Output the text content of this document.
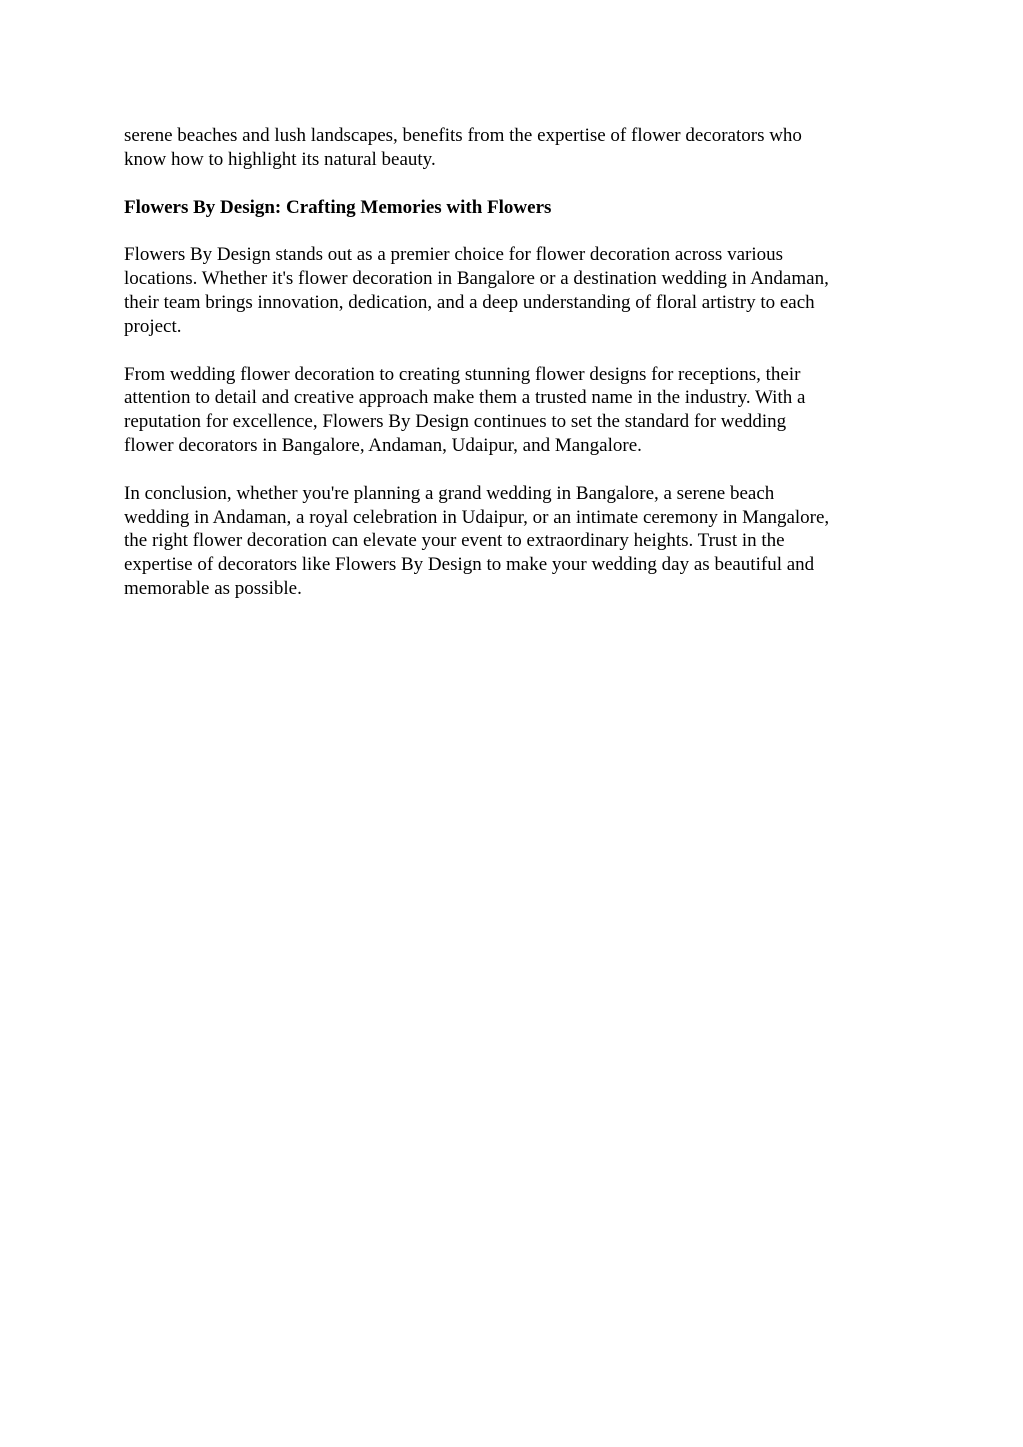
serene beaches and lush landscapes, benefits from the expertise of flower decorators who
know how to highlight its natural beauty.

Flowers By Design: Crafting Memories with Flowers

Flowers By Design stands out as a premier choice for flower decoration across various
locations. Whether it's flower decoration in Bangalore or a destination wedding in Andaman,
their team brings innovation, dedication, and a deep understanding of floral artistry to each
project.

From wedding flower decoration to creating stunning flower designs for receptions, their
attention to detail and creative approach make them a trusted name in the industry. With a
reputation for excellence, Flowers By Design continues to set the standard for wedding
flower decorators in Bangalore, Andaman, Udaipur, and Mangalore.

In conclusion, whether you're planning a grand wedding in Bangalore, a serene beach
wedding in Andaman, a royal celebration in Udaipur, or an intimate ceremony in Mangalore,
the right flower decoration can elevate your event to extraordinary heights. Trust in the
expertise of decorators like Flowers By Design to make your wedding day as beautiful and
memorable as possible.
